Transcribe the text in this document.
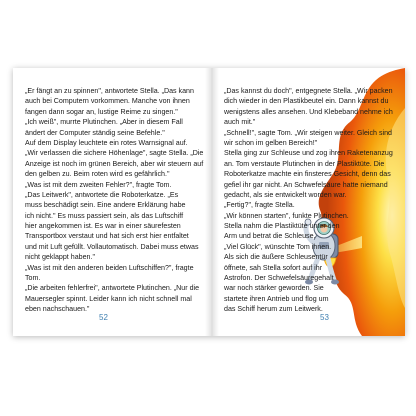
„Er fängt an zu spinnen", antwortete Stella. „Das kann
auch bei Computern vorkommen. Manche von ihnen
fangen dann sogar an, lustige Reime zu singen."
„Ich weiß", murrte Plutinchen. „Aber in diesem Fall
ändert der Computer ständig seine Befehle."
Auf dem Display leuchtete ein rotes Warnsignal auf.
„Wir verlassen die sichere Höhenlage", sagte Stella. „Die
Anzeige ist noch im grünen Bereich, aber wir steuern auf
den gelben zu. Beim roten wird es gefährlich."
„Was ist mit dem zweiten Fehler?", fragte Tom.
„Das Leitwerk", antwortete die Roboterkatze. „Es
muss beschädigt sein. Eine andere Erklärung habe
ich nicht." Es muss passiert sein, als das Luftschiff
hier angekommen ist. Es war in einer säurefesten
Transportbox verstaut und hat sich erst hier entfaltet
und mit Luft gefüllt. Vollautomatisch. Dabei muss etwas
nicht geklappt haben."
„Was ist mit den anderen beiden Luftschiffen?", fragte
Tom.
„Die arbeiten fehlerfrei", antwortete Plutinchen. „Nur die
Mauersegler spinnt. Leider kann ich nicht schnell mal
eben nachschauen."
52
„Das kannst du doch", entgegnete Stella. „Wir packen
dich wieder in den Plastikbeutel ein. Dann kannst du
wenigstens alles ansehen. Und Klebeband nehme ich
auch mit."
„Schnell!", sagte Tom. „Wir steigen weiter. Gleich sind
wir schon im gelben Bereich!"
Stella ging zur Schleuse und zog ihren Raketenanzug
an. Tom verstaute Plutinchen in der Plastiktüte. Die
Roboterkatze machte ein finsteres Gesicht, denn das
gefiel ihr gar nicht. An Schwefelsäure hatte niemand
gedacht, als sie entwickelt worden war.
„Fertig?", fragte Stella.
„Wir können starten", funkte Plutinchen.
Stella nahm die Plastiktüte unter den
Arm und betrat die Schleuse.
„Viel Glück", wünschte Tom ihnen.
Als sich die äußere Schleusentür
öffnete, sah Stella sofort auf ihr
Astrofon. Der Schwefelsäuregehalt
war noch stärker geworden. Sie
startete ihren Antrieb und flog um
das Schiff herum zum Leitwerk.
53
